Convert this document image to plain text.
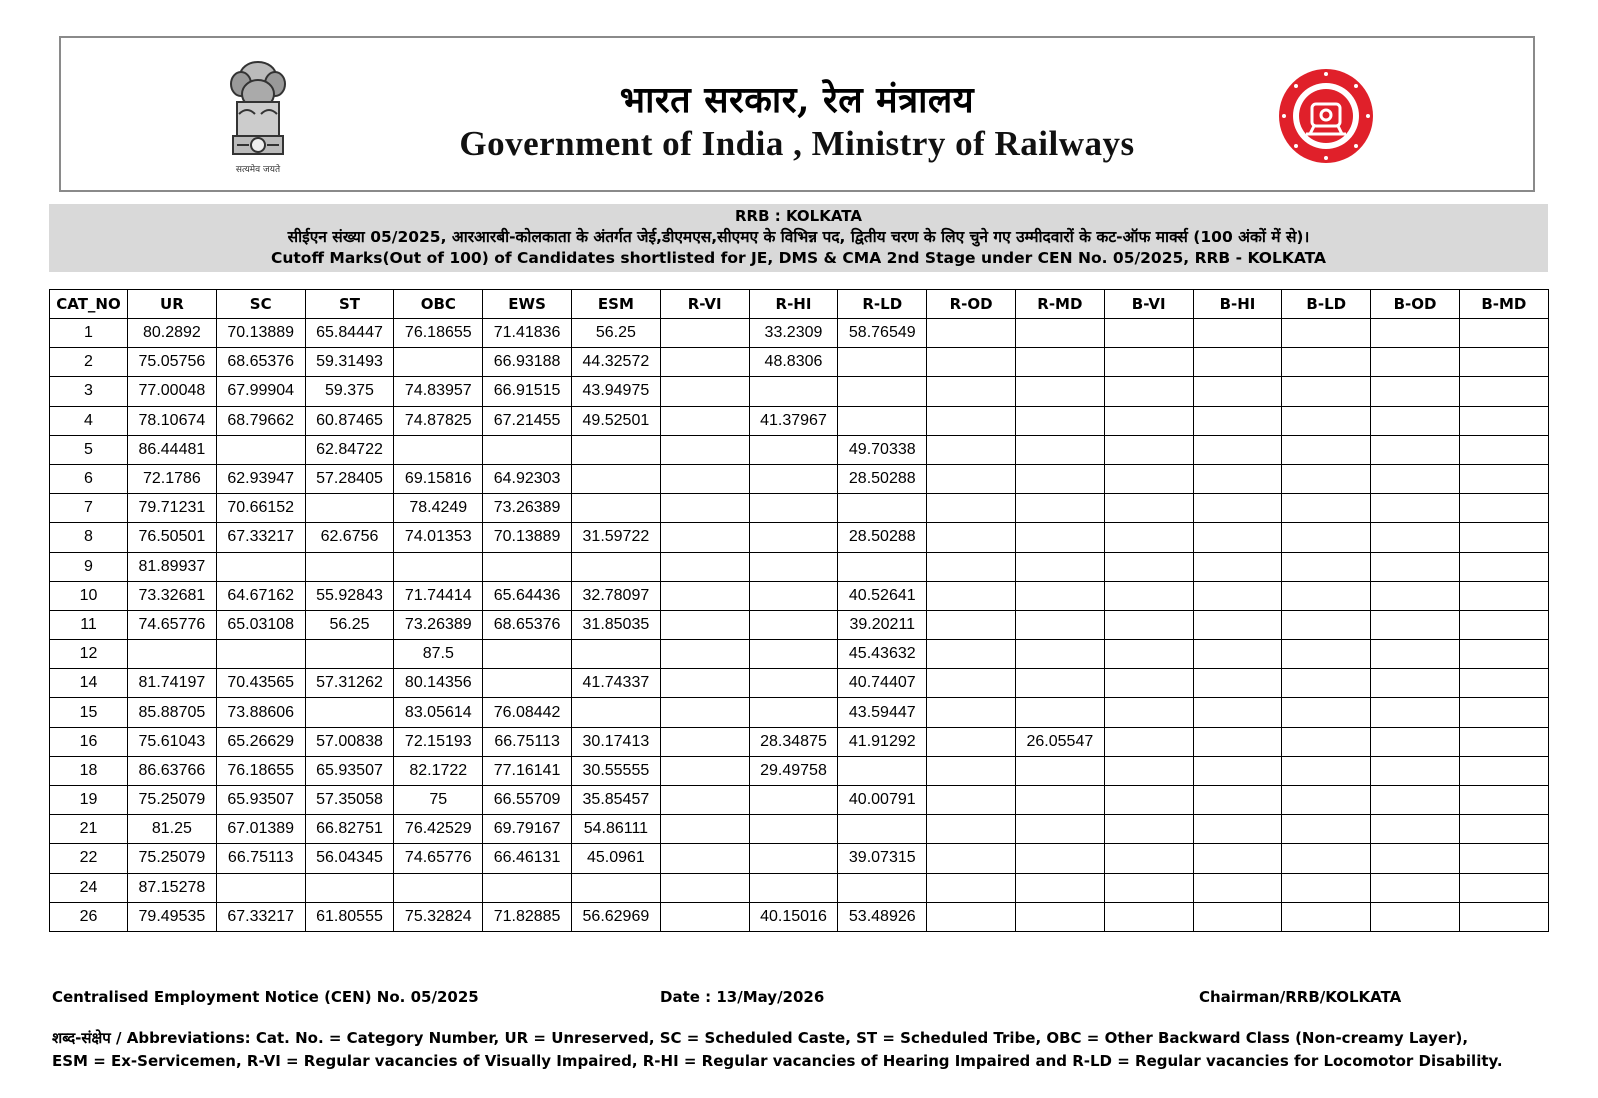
सत्यमेव जयते
भारत सरकार, रेल मंत्रालय
Government of India , Ministry of Railways
RRB : KOLKATA
सीईएन संख्या 05/2025, आरआरबी-कोलकाता के अंतर्गत जेई,डीएमएस,सीएमए के विभिन्न पद, द्वितीय चरण के लिए चुने गए उम्मीदवारों के कट-ऑफ मार्क्स (100 अंकों में से)।
Cutoff Marks(Out of 100) of Candidates shortlisted for JE, DMS & CMA 2nd Stage under CEN No. 05/2025, RRB - KOLKATA
CAT_NO	UR	SC	ST	OBC	EWS	ESM	R-VI	R-HI	R-LD	R-OD	R-MD	B-VI	B-HI	B-LD	B-OD	B-MD
1	80.2892	70.13889	65.84447	76.18655	71.41836	56.25		33.2309	58.76549							
2	75.05756	68.65376	59.31493		66.93188	44.32572		48.8306								
3	77.00048	67.99904	59.375	74.83957	66.91515	43.94975										
4	78.10674	68.79662	60.87465	74.87825	67.21455	49.52501		41.37967								
5	86.44481		62.84722						49.70338							
6	72.1786	62.93947	57.28405	69.15816	64.92303				28.50288							
7	79.71231	70.66152		78.4249	73.26389											
8	76.50501	67.33217	62.6756	74.01353	70.13889	31.59722			28.50288							
9	81.89937															
10	73.32681	64.67162	55.92843	71.74414	65.64436	32.78097			40.52641							
11	74.65776	65.03108	56.25	73.26389	68.65376	31.85035			39.20211							
12				87.5					45.43632							
14	81.74197	70.43565	57.31262	80.14356		41.74337			40.74407							
15	85.88705	73.88606		83.05614	76.08442				43.59447							
16	75.61043	65.26629	57.00838	72.15193	66.75113	30.17413		28.34875	41.91292		26.05547					
18	86.63766	76.18655	65.93507	82.1722	77.16141	30.55555		29.49758								
19	75.25079	65.93507	57.35058	75	66.55709	35.85457			40.00791							
21	81.25	67.01389	66.82751	76.42529	69.79167	54.86111										
22	75.25079	66.75113	56.04345	74.65776	66.46131	45.0961			39.07315							
24	87.15278															
26	79.49535	67.33217	61.80555	75.32824	71.82885	56.62969		40.15016	53.48926							
Centralised Employment Notice (CEN) No. 05/2025	Date : 13/May/2026	Chairman/RRB/KOLKATA
शब्द-संक्षेप / Abbreviations: Cat. No. = Category Number, UR = Unreserved, SC = Scheduled Caste, ST = Scheduled Tribe, OBC = Other Backward Class (Non-creamy Layer),
ESM = Ex-Servicemen, R-VI = Regular vacancies of Visually Impaired, R-HI = Regular vacancies of Hearing Impaired and R-LD = Regular vacancies for Locomotor Disability.
